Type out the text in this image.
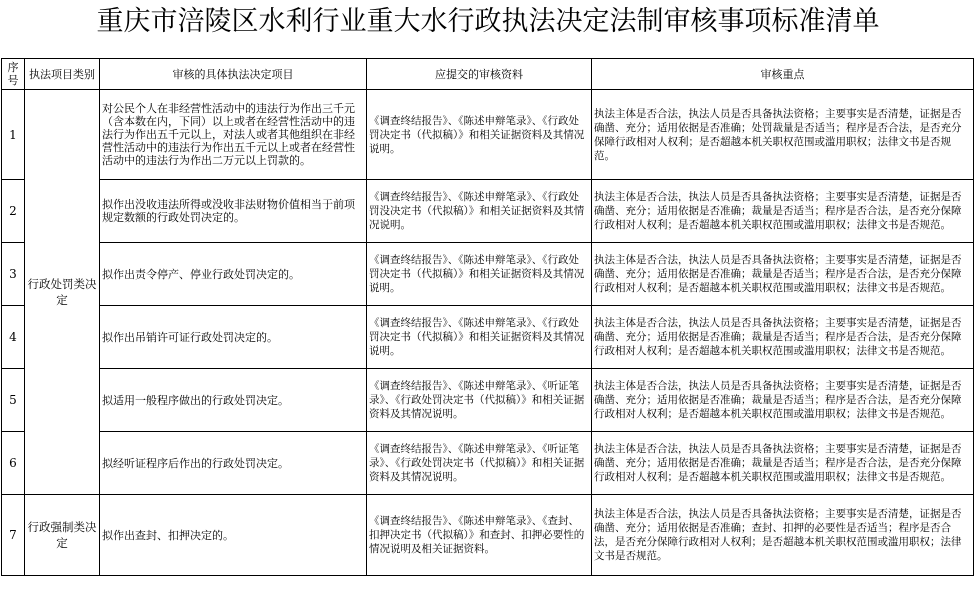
重庆市涪陵区水利行业重大水行政执法决定法制审核事项标准清单
序号	执法项目类别	审核的具体执法决定项目	应提交的审核资料	审核重点
1	行政处罚类决定	对公民个人在非经营性活动中的违法行为作出三千元（含本数在内，下同）以上或者在经营性活动中的违法行为作出五千元以上，对法人或者其他组织在非经营性活动中的违法行为作出五千元以上或者在经营性活动中的违法行为作出二万元以上罚款的。	《调查终结报告》、《陈述申辩笔录》、《行政处罚决定书（代拟稿）》和相关证据资料及其情况说明。	执法主体是否合法，执法人员是否具备执法资格；主要事实是否清楚，证据是否确凿、充分；适用依据是否准确；处罚裁量是否适当；程序是否合法，是否充分保障行政相对人权利；是否超越本机关职权范围或滥用职权；法律文书是否规范。
2		拟作出没收违法所得或没收非法财物价值相当于前项规定数额的行政处罚决定的。	《调查终结报告》、《陈述申辩笔录》、《行政处罚没决定书（代拟稿）》和相关证据资料及其情况说明。	执法主体是否合法，执法人员是否具备执法资格；主要事实是否清楚，证据是否确凿、充分；适用依据是否准确；裁量是否适当；程序是否合法，是否充分保障行政相对人权利；是否超越本机关职权范围或滥用职权；法律文书是否规范。
3		拟作出责令停产、停业行政处罚决定的。	《调查终结报告》、《陈述申辩笔录》、《行政处罚决定书（代拟稿）》和相关证据资料及其情况说明。	执法主体是否合法，执法人员是否具备执法资格；主要事实是否清楚，证据是否确凿、充分；适用依据是否准确；裁量是否适当；程序是否合法，是否充分保障行政相对人权利；是否超越本机关职权范围或滥用职权；法律文书是否规范。
4		拟作出吊销许可证行政处罚决定的。	《调查终结报告》、《陈述申辩笔录》、《行政处罚决定书（代拟稿）》和相关证据资料及其情况说明。	执法主体是否合法，执法人员是否具备执法资格；主要事实是否清楚，证据是否确凿、充分；适用依据是否准确；裁量是否适当；程序是否合法，是否充分保障行政相对人权利；是否超越本机关职权范围或滥用职权；法律文书是否规范。
5		拟适用一般程序做出的行政处罚决定。	《调查终结报告》、《陈述申辩笔录》、《听证笔录》、《行政处罚决定书（代拟稿）》和相关证据资料及其情况说明。	执法主体是否合法，执法人员是否具备执法资格；主要事实是否清楚，证据是否确凿、充分；适用依据是否准确；裁量是否适当；程序是否合法，是否充分保障行政相对人权利；是否超越本机关职权范围或滥用职权；法律文书是否规范。
6		拟经听证程序后作出的行政处罚决定。	《调查终结报告》、《陈述申辩笔录》、《听证笔录》、《行政处罚决定书（代拟稿）》和相关证据资料及其情况说明。	执法主体是否合法，执法人员是否具备执法资格；主要事实是否清楚，证据是否确凿、充分；适用依据是否准确；裁量是否适当；程序是否合法，是否充分保障行政相对人权利；是否超越本机关职权范围或滥用职权；法律文书是否规范。
7	行政强制类决定	拟作出查封、扣押决定的。	《调查终结报告》、《陈述申辩笔录》、《查封、扣押决定书（代拟稿）》和查封、扣押必要性的情况说明及相关证据资料。	执法主体是否合法，执法人员是否具备执法资格；主要事实是否清楚，证据是否确凿、充分；适用依据是否准确；查封、扣押的必要性是否适当；程序是否合法，是否充分保障行政相对人权利；是否超越本机关职权范围或滥用职权；法律文书是否规范。
